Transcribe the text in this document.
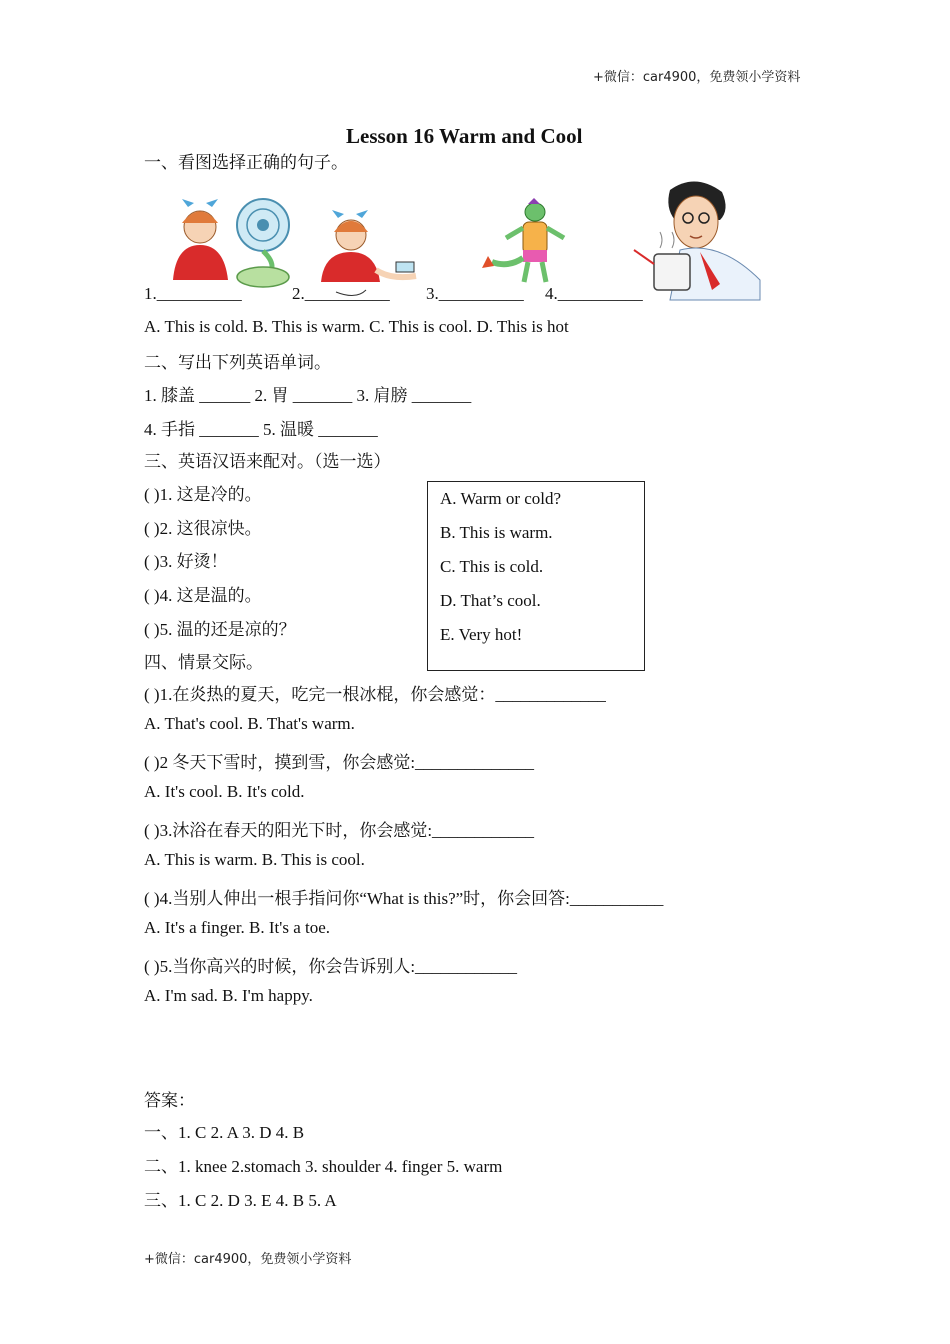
+微信：car4900，免费领小学资料
Lesson 16 Warm and Cool
一、看图选择正确的句子。
1.__________	2.__________ 3.__________ 4.__________
A. This is cold. B. This is warm. C. This is cool. D. This is hot
二、写出下列英语单词。
1. 膝盖 ______ 2. 胃 _______ 3. 肩膀 _______
4. 手指 _______ 5. 温暖 _______
三、英语汉语来配对。（选一选）
( )1. 这是冷的。
( )2. 这很凉快。
( )3. 好烫！
( )4. 这是温的。
( )5. 温的还是凉的？
A. Warm or cold?
B. This is warm.
C. This is cold.
D. That’s cool.
E. Very hot!
四、情景交际。
( )1.在炎热的夏天，吃完一根冰棍，你会感觉：_____________
A. That's cool. B. That's warm.
( )2 冬天下雪时，摸到雪，你会感觉:______________
A. It's cool. B. It's cold.
( )3.沐浴在春天的阳光下时，你会感觉:____________
A. This is warm. B. This is cool.
( )4.当别人伸出一根手指问你“What is this?”时，你会回答:___________
A. It's a finger. B. It's a toe.
( )5.当你高兴的时候，你会告诉别人:____________
A. I'm sad. B. I'm happy.
答案：
一、1. C 2. A 3. D 4. B
二、1. knee 2.stomach 3. shoulder 4. finger 5. warm
三、1. C 2. D 3. E 4. B 5. A
+微信：car4900，免费领小学资料
